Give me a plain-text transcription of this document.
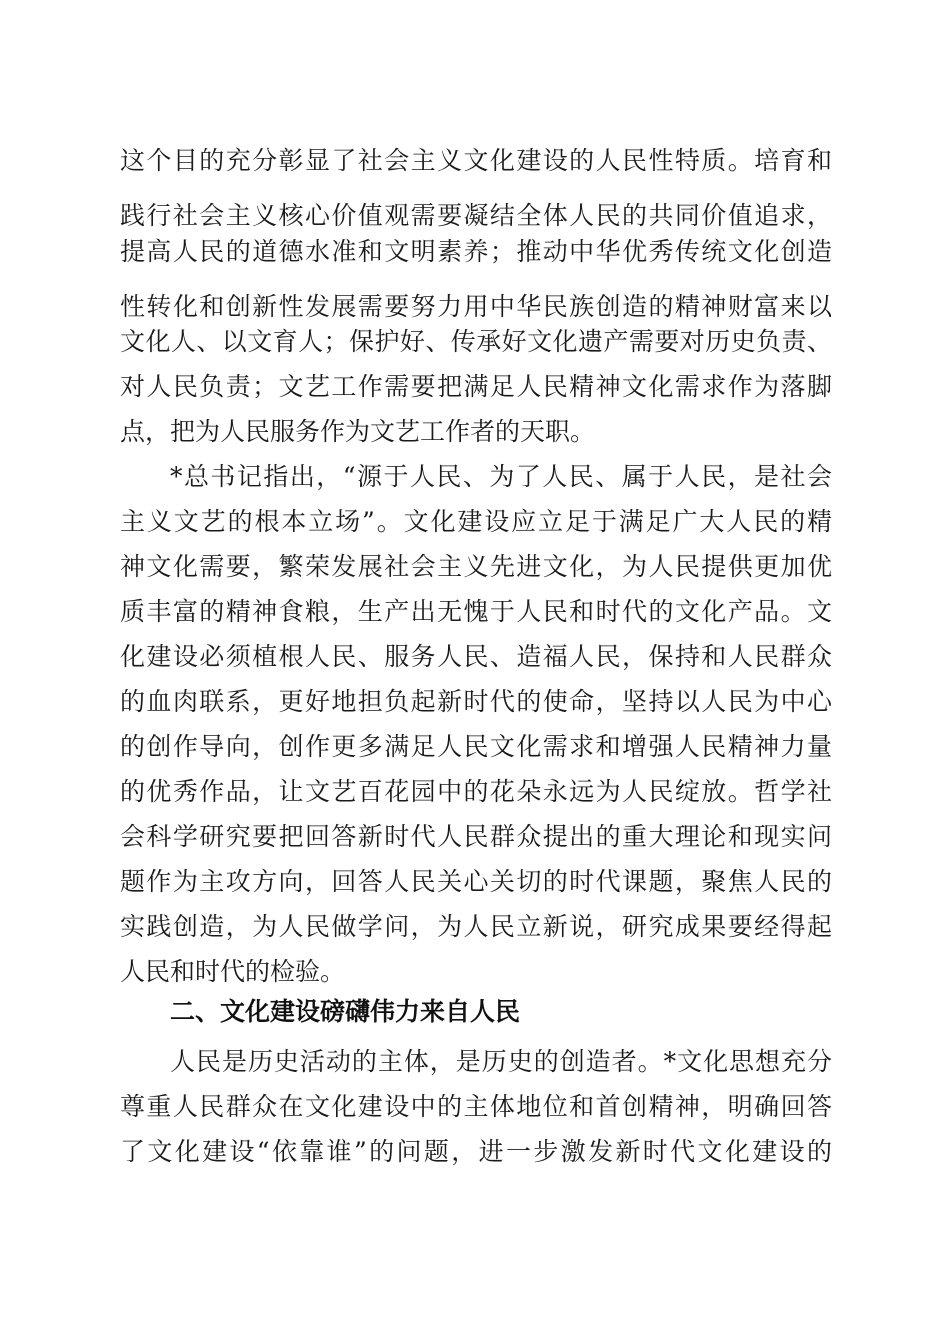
这个目的充分彰显了社会主义文化建设的人民性特质。培育和
践行社会主义核心价值观需要凝结全体人民的共同价值追求，
提高人民的道德水准和文明素养；推动中华优秀传统文化创造
性转化和创新性发展需要努力用中华民族创造的精神财富来以
文化人、以文育人；保护好、传承好文化遗产需要对历史负责、
对人民负责；文艺工作需要把满足人民精神文化需求作为落脚
点，把为人民服务作为文艺工作者的天职。
*总书记指出，“源于人民、为了人民、属于人民，是社会
主义文艺的根本立场”。文化建设应立足于满足广大人民的精
神文化需要，繁荣发展社会主义先进文化，为人民提供更加优
质丰富的精神食粮，生产出无愧于人民和时代的文化产品。文
化建设必须植根人民、服务人民、造福人民，保持和人民群众
的血肉联系，更好地担负起新时代的使命，坚持以人民为中心
的创作导向，创作更多满足人民文化需求和增强人民精神力量
的优秀作品，让文艺百花园中的花朵永远为人民绽放。哲学社
会科学研究要把回答新时代人民群众提出的重大理论和现实问
题作为主攻方向，回答人民关心关切的时代课题，聚焦人民的
实践创造，为人民做学问，为人民立新说，研究成果要经得起
人民和时代的检验。
二、文化建设磅礴伟力来自人民
人民是历史活动的主体，是历史的创造者。*文化思想充分
尊重人民群众在文化建设中的主体地位和首创精神，明确回答
了文化建设“依靠谁”的问题，进一步激发新时代文化建设的
